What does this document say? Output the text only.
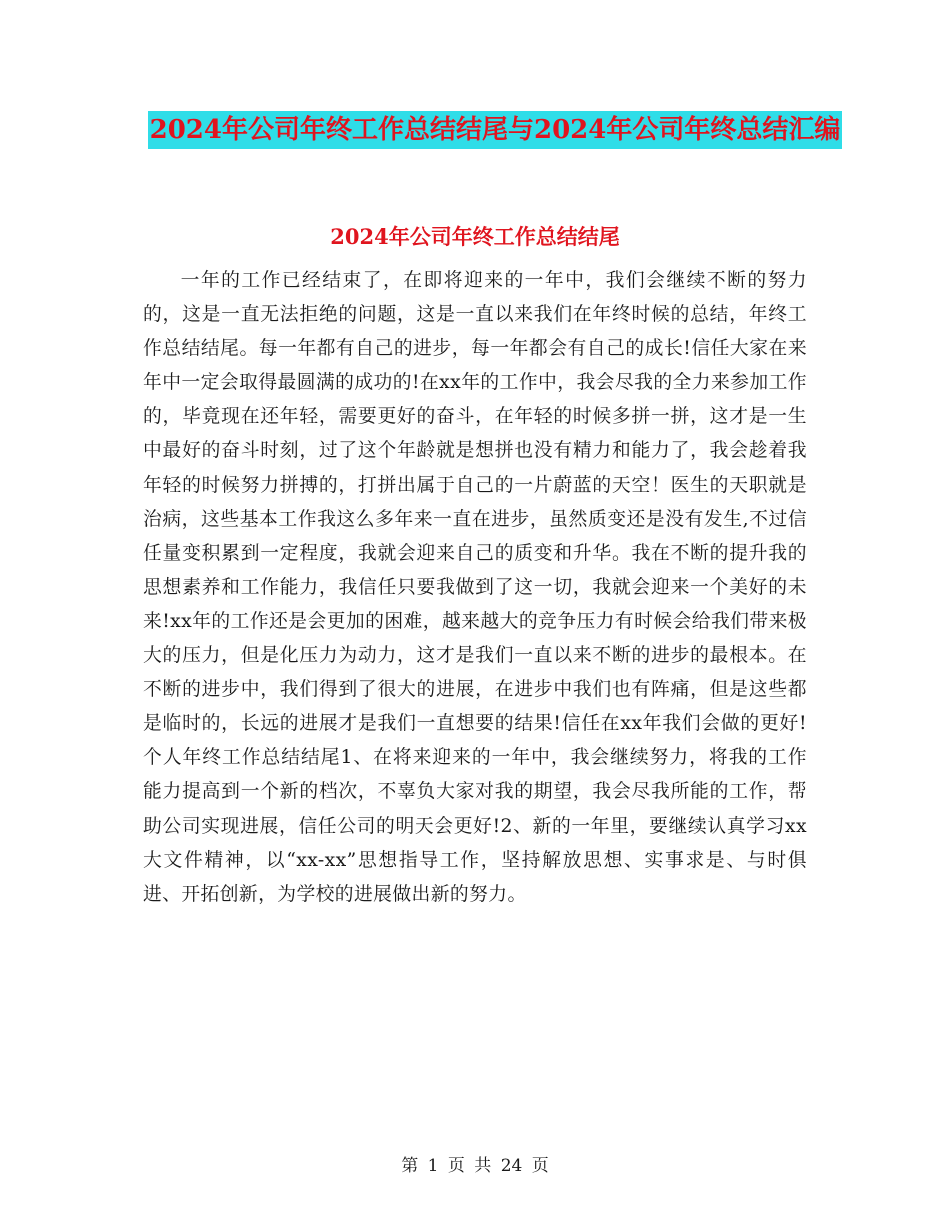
2024年公司年终工作总结结尾与2024年公司年终总结汇编
2024年公司年终工作总结结尾

一年的工作已经结束了，在即将迎来的一年中，我们会继续不断的努力的，这是一直无法拒绝的问题，这是一直以来我们在年终时候的总结，年终工作总结结尾。每一年都有自己的进步，每一年都会有自己的成长!信任大家在来年中一定会取得最圆满的成功的!在xx年的工作中，我会尽我的全力来参加工作的，毕竟现在还年轻，需要更好的奋斗，在年轻的时候多拼一拼，这才是一生中最好的奋斗时刻，过了这个年龄就是想拼也没有精力和能力了，我会趁着我年轻的时候努力拼搏的，打拼出属于自己的一片蔚蓝的天空！医生的天职就是治病，这些基本工作我这么多年来一直在进步，虽然质变还是没有发生,不过信任量变积累到一定程度，我就会迎来自己的质变和升华。我在不断的提升我的思想素养和工作能力，我信任只要我做到了这一切，我就会迎来一个美好的未来!xx年的工作还是会更加的困难，越来越大的竞争压力有时候会给我们带来极大的压力，但是化压力为动力，这才是我们一直以来不断的进步的最根本。在不断的进步中，我们得到了很大的进展，在进步中我们也有阵痛，但是这些都是临时的，长远的进展才是我们一直想要的结果!信任在xx年我们会做的更好!个人年终工作总结结尾1、在将来迎来的一年中，我会继续努力，将我的工作能力提高到一个新的档次，不辜负大家对我的期望，我会尽我所能的工作，帮助公司实现进展，信任公司的明天会更好!2、新的一年里，要继续认真学习xx大文件精神，以“xx-xx”思想指导工作，坚持解放思想、实事求是、与时俱进、开拓创新，为学校的进展做出新的努力。

第 1 页 共 24 页
